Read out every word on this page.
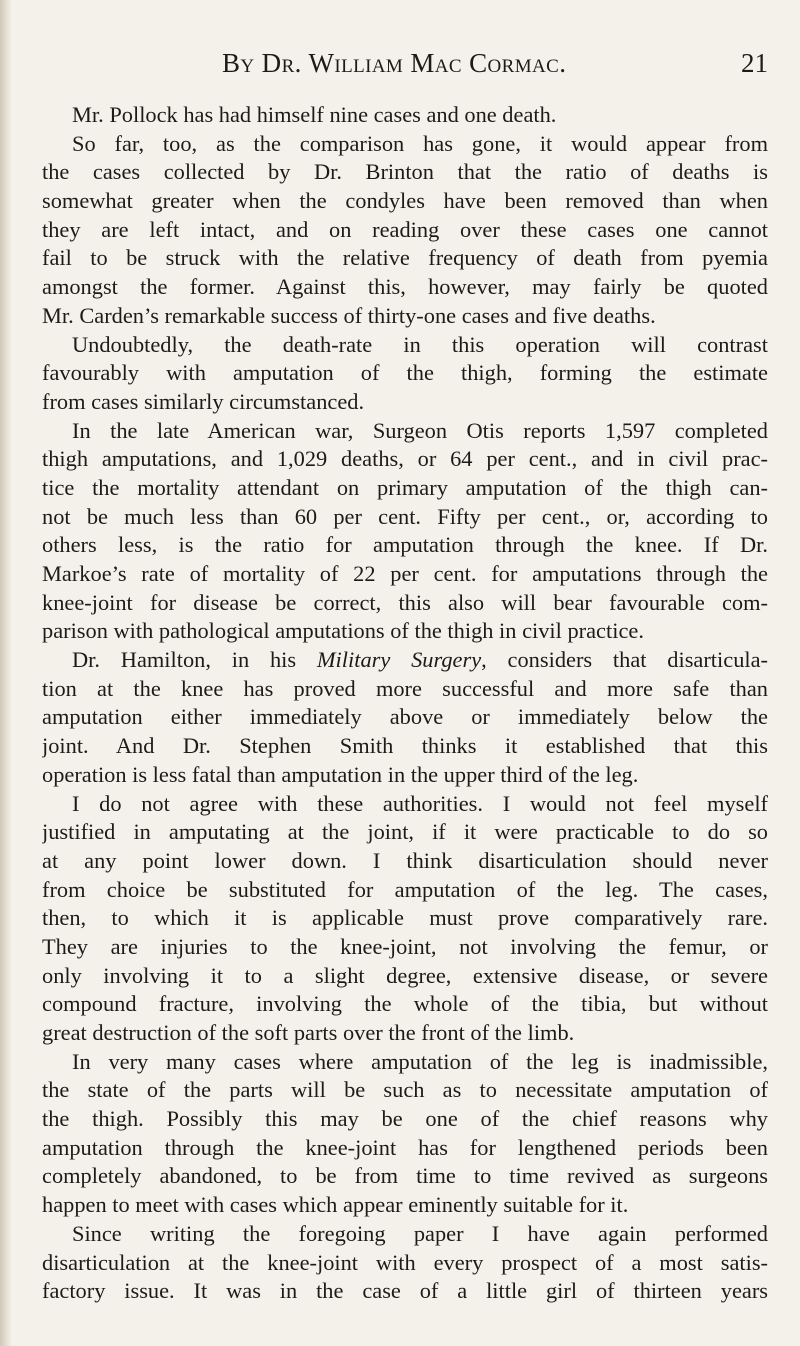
By Dr. William Mac Cormac.	21
Mr. Pollock has had himself nine cases and one death.
So far, too, as the comparison has gone, it would appear from
the cases collected by Dr. Brinton that the ratio of deaths is
somewhat greater when the condyles have been removed than when
they are left intact, and on reading over these cases one cannot
fail to be struck with the relative frequency of death from pyemia
amongst the former. Against this, however, may fairly be quoted
Mr. Carden’s remarkable success of thirty-one cases and five deaths.
Undoubtedly, the death-rate in this operation will contrast
favourably with amputation of the thigh, forming the estimate
from cases similarly circumstanced.
In the late American war, Surgeon Otis reports 1,597 completed
thigh amputations, and 1,029 deaths, or 64 per cent., and in civil prac-
tice the mortality attendant on primary amputation of the thigh can-
not be much less than 60 per cent. Fifty per cent., or, according to
others less, is the ratio for amputation through the knee. If Dr.
Markoe’s rate of mortality of 22 per cent. for amputations through the
knee-joint for disease be correct, this also will bear favourable com-
parison with pathological amputations of the thigh in civil practice.
Dr. Hamilton, in his Military Surgery, considers that disarticula-
tion at the knee has proved more successful and more safe than
amputation either immediately above or immediately below the
joint. And Dr. Stephen Smith thinks it established that this
operation is less fatal than amputation in the upper third of the leg.
I do not agree with these authorities. I would not feel myself
justified in amputating at the joint, if it were practicable to do so
at any point lower down. I think disarticulation should never
from choice be substituted for amputation of the leg. The cases,
then, to which it is applicable must prove comparatively rare.
They are injuries to the knee-joint, not involving the femur, or
only involving it to a slight degree, extensive disease, or severe
compound fracture, involving the whole of the tibia, but without
great destruction of the soft parts over the front of the limb.
In very many cases where amputation of the leg is inadmissible,
the state of the parts will be such as to necessitate amputation of
the thigh. Possibly this may be one of the chief reasons why
amputation through the knee-joint has for lengthened periods been
completely abandoned, to be from time to time revived as surgeons
happen to meet with cases which appear eminently suitable for it.
Since writing the foregoing paper I have again performed
disarticulation at the knee-joint with every prospect of a most satis-
factory issue. It was in the case of a little girl of thirteen years
